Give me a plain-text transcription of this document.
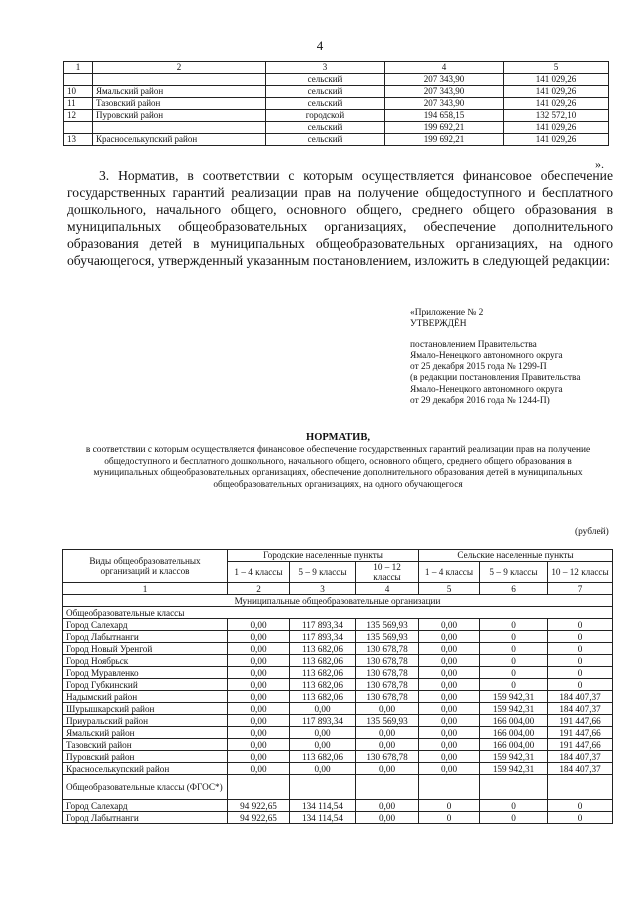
4
1	2	3	4	5
		сельский	207 343,90	141 029,26
10	Ямальский район	сельский	207 343,90	141 029,26
11	Тазовский район	сельский	207 343,90	141 029,26
12	Пуровский район	городской	194 658,15	132 572,10
		сельский	199 692,21	141 029,26
13	Красноселькупский район	сельский	199 692,21	141 029,26
».
3. Норматив, в соответствии с которым осуществляется финансовое обеспечение государственных гарантий реализации прав на получение общедоступного и бесплатного дошкольного, начального общего, основного общего, среднего общего образования в муниципальных общеобразовательных организациях, обеспечение дополнительного образования детей в муниципальных общеобразовательных организациях, на одного обучающегося, утвержденный указанным постановлением, изложить в следующей редакции:
«Приложение № 2
УТВЕРЖДЁН
постановлением Правительства
Ямало-Ненецкого автономного округа
от 25 декабря 2015 года № 1299-П
(в редакции постановления Правительства
Ямало-Ненецкого автономного округа
от 29 декабря 2016 года № 1244-П)
НОРМАТИВ,
в соответствии с которым осуществляется финансовое обеспечение государственных гарантий реализации прав на получение общедоступного и бесплатного дошкольного, начального общего, основного общего, среднего общего образования в муниципальных общеобразовательных организациях, обеспечение дополнительного образования детей в муниципальных общеобразовательных организациях, на одного обучающегося
(рублей)
Виды общеобразовательных организаций и классов	Городские населенные пункты			Сельские населенные пункты		
	1 – 4 классы	5 – 9 классы	10 – 12 классы	1 – 4 классы	5 – 9 классы	10 – 12 классы
1	2	3	4	5	6	7
Муниципальные общеобразовательные организации						
Общеобразовательные классы						
Город Салехард	0,00	117 893,34	135 569,93	0,00	0	0
Город Лабытнанги	0,00	117 893,34	135 569,93	0,00	0	0
Город Новый Уренгой	0,00	113 682,06	130 678,78	0,00	0	0
Город Ноябрьск	0,00	113 682,06	130 678,78	0,00	0	0
Город Муравленко	0,00	113 682,06	130 678,78	0,00	0	0
Город Губкинский	0,00	113 682,06	130 678,78	0,00	0	0
Надымский район	0,00	113 682,06	130 678,78	0,00	159 942,31	184 407,37
Шурышкарский район	0,00	0,00	0,00	0,00	159 942,31	184 407,37
Приуральский район	0,00	117 893,34	135 569,93	0,00	166 004,00	191 447,66
Ямальский район	0,00	0,00	0,00	0,00	166 004,00	191 447,66
Тазовский район	0,00	0,00	0,00	0,00	166 004,00	191 447,66
Пуровский район	0,00	113 682,06	130 678,78	0,00	159 942,31	184 407,37
Красноселькупский район	0,00	0,00	0,00	0,00	159 942,31	184 407,37
Общеобразовательные классы (ФГОС*)						
Город Салехард	94 922,65	134 114,54	0,00	0	0	0
Город Лабытнанги	94 922,65	134 114,54	0,00	0	0	0
